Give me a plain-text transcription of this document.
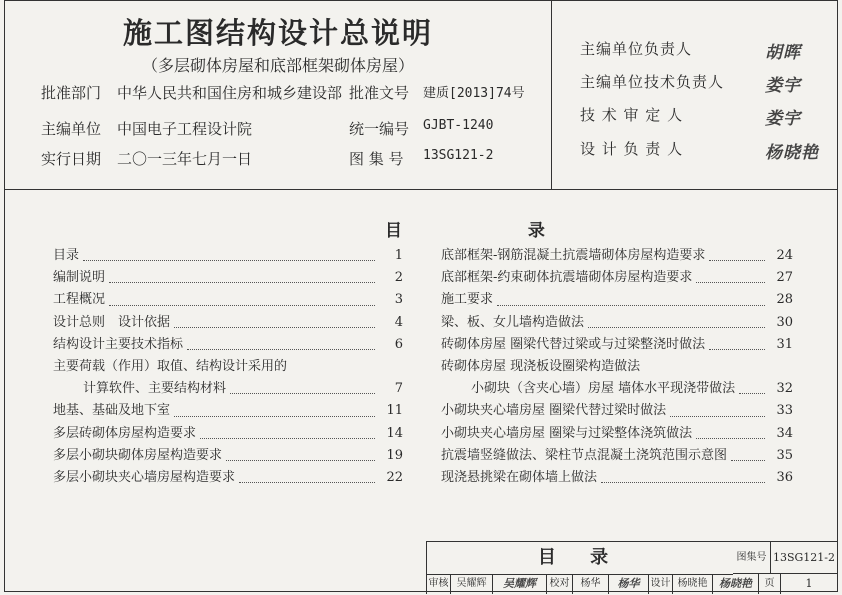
施工图结构设计总说明
（多层砌体房屋和底部框架砌体房屋）
批准部门 中华人民共和国住房和城乡建设部 批准文号 建质[2013]74号
主编单位 中国电子工程设计院	统一编号 GJBT-1240
实行日期 二〇一三年七月一日	图 集 号 13SG121-2
主编单位负责人	胡晖
主编单位技术负责人 娄宇
技 术 审 定 人	娄宇
设 计 负 责 人	杨晓艳
目 录
目录	1
编制说明	2
工程概况	3
设计总则　设计依据	4
结构设计主要技术指标	6
主要荷载（作用）取值、结构设计采用的
计算软件、主要结构材料	7
地基、基础及地下室	11
多层砖砌体房屋构造要求	14
多层小砌块砌体房屋构造要求	19
多层小砌块夹心墙房屋构造要求	22
底部框架-钢筋混凝土抗震墙砌体房屋构造要求	24
底部框架-约束砌体抗震墙砌体房屋构造要求	27
施工要求	28
梁、板、女儿墙构造做法	30
砖砌体房屋 圈梁代替过梁或与过梁整浇时做法	31
砖砌体房屋 现浇板设圈梁构造做法
小砌块（含夹心墙）房屋 墙体水平现浇带做法	32
小砌块夹心墙房屋 圈梁代替过梁时做法	33
小砌块夹心墙房屋 圈梁与过梁整体浇筑做法	34
抗震墙竖缝做法、梁柱节点混凝土浇筑范围示意图	35
现浇悬挑梁在砌体墙上做法	36
目 录	图集号 13SG121-2
审核 吴耀辉	吴耀辉	校对	杨华	杨华	设计 杨晓艳	杨晓艳	页	1
